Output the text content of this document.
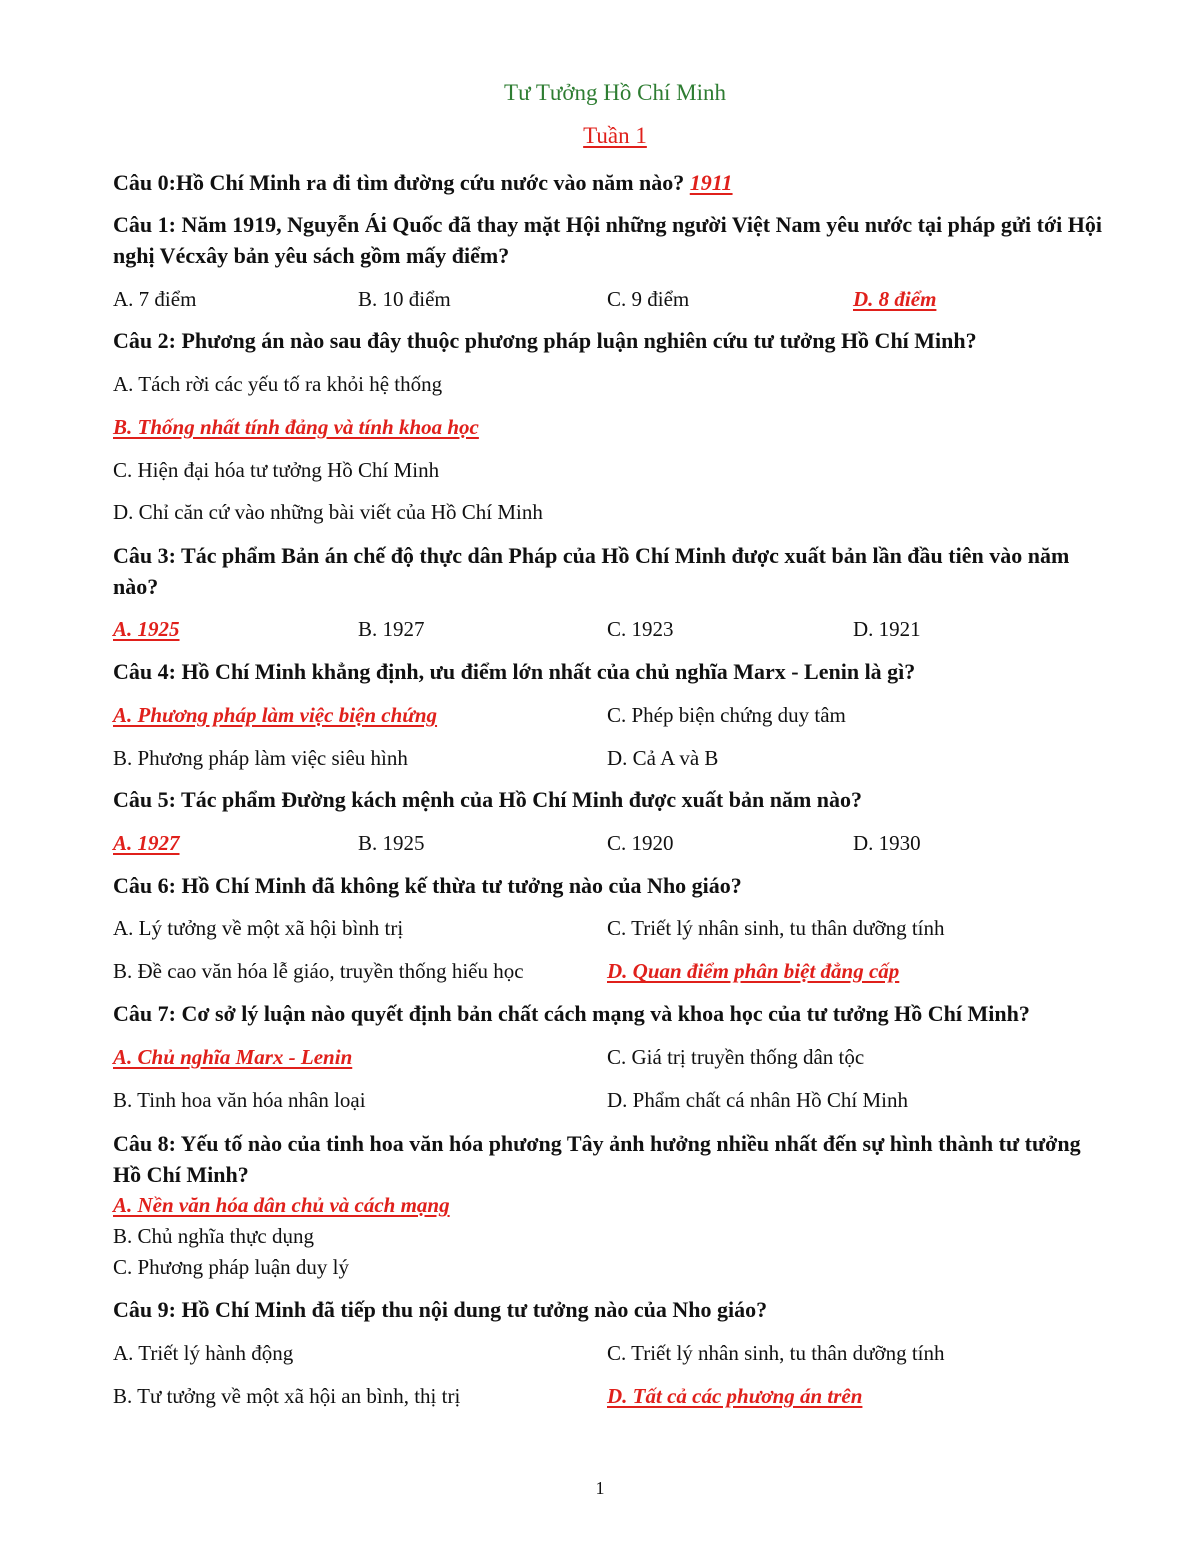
Tư Tưởng Hồ Chí Minh
Tuần 1
Câu 0:Hồ Chí Minh ra đi tìm đường cứu nước vào năm nào? 1911
Câu 1: Năm 1919, Nguyễn Ái Quốc đã thay mặt Hội những người Việt Nam yêu nước tại pháp gửi tới Hội nghị Vécxây bản yêu sách gồm mấy điểm?
A. 7 điểm	B. 10 điểm	C. 9 điểm	D. 8 điểm
Câu 2: Phương án nào sau đây thuộc phương pháp luận nghiên cứu tư tưởng Hồ Chí Minh?
A. Tách rời các yếu tố ra khỏi hệ thống
B. Thống nhất tính đảng và tính khoa học
C. Hiện đại hóa tư tưởng Hồ Chí Minh
D. Chỉ căn cứ vào những bài viết của Hồ Chí Minh
Câu 3: Tác phẩm Bản án chế độ thực dân Pháp của Hồ Chí Minh được xuất bản lần đầu tiên vào năm nào?
A. 1925	B. 1927	C. 1923	D. 1921
Câu 4: Hồ Chí Minh khẳng định, ưu điểm lớn nhất của chủ nghĩa Marx - Lenin là gì?
A. Phương pháp làm việc biện chứng	C. Phép biện chứng duy tâm
B. Phương pháp làm việc siêu hình	D. Cả A và B
Câu 5: Tác phẩm Đường kách mệnh của Hồ Chí Minh được xuất bản năm nào?
A. 1927	B. 1925	C. 1920	D. 1930
Câu 6: Hồ Chí Minh đã không kế thừa tư tưởng nào của Nho giáo?
A. Lý tưởng về một xã hội bình trị	C. Triết lý nhân sinh, tu thân dưỡng tính
B. Đề cao văn hóa lễ giáo, truyền thống hiếu học	D. Quan điểm phân biệt đẳng cấp
Câu 7: Cơ sở lý luận nào quyết định bản chất cách mạng và khoa học của tư tưởng Hồ Chí Minh?
A. Chủ nghĩa Marx - Lenin	C. Giá trị truyền thống dân tộc
B. Tinh hoa văn hóa nhân loại	D. Phẩm chất cá nhân Hồ Chí Minh
Câu 8: Yếu tố nào của tinh hoa văn hóa phương Tây ảnh hưởng nhiều nhất đến sự hình thành tư tưởng Hồ Chí Minh?
A. Nền văn hóa dân chủ và cách mạng
B. Chủ nghĩa thực dụng
C. Phương pháp luận duy lý
Câu 9: Hồ Chí Minh đã tiếp thu nội dung tư tưởng nào của Nho giáo?
A. Triết lý hành động	C. Triết lý nhân sinh, tu thân dưỡng tính
B. Tư tưởng về một xã hội an bình, thị trị	D. Tất cả các phương án trên
1
